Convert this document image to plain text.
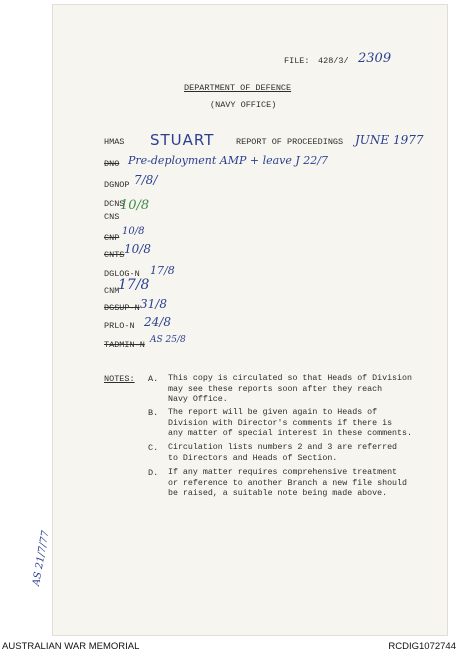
FILE: 428/3/ 2309
DEPARTMENT OF DEFENCE
(NAVY OFFICE)
HMAS STUART	REPORT OF PROCEEDINGS JUNE 1977
DNO Pre-deployment AMP + leave J 22/7
DGNOP 7/8/
DCNS
CNS
10/8
CNP
10/8
CNTS 10/8
DGLOG-N 17/8
CNM
17/8
DGSUP-N 31/8
PRLO-N 24/8
TADMIN-N AS 25/8
NOTES: A. This copy is circulated so that Heads of Division
may see these reports soon after they reach
Navy Office.
B. The report will be given again to Heads of
Division with Director's comments if there is
any matter of special interest in these comments.
C. Circulation lists numbers 2 and 3 are referred
to Directors and Heads of Section.
D. If any matter requires comprehensive treatment
or reference to another Branch a new file should
be raised, a suitable note being made above.
AS 21/7/77
AUSTRALIAN WAR MEMORIAL	RCDIG1072744
